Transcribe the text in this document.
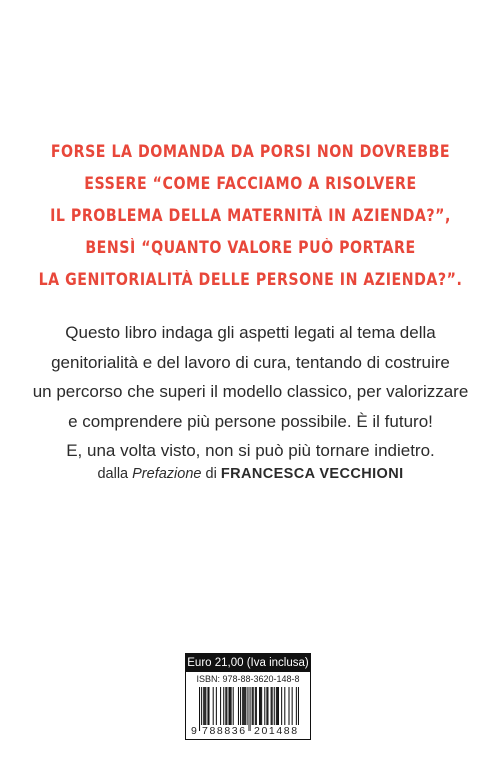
FORSE LA DOMANDA DA PORSI NON DOVREBBE
ESSERE “COME FACCIAMO A RISOLVERE
IL PROBLEMA DELLA MATERNITÀ IN AZIENDA?”,
BENSÌ “QUANTO VALORE PUÒ PORTARE
LA GENITORIALITÀ DELLE PERSONE IN AZIENDA?”.
Questo libro indaga gli aspetti legati al tema della
genitorialità e del lavoro di cura, tentando di costruire
un percorso che superi il modello classico, per valorizzare
e comprendere più persone possibile. È il futuro!
E, una volta visto, non si può più tornare indietro.
dalla Prefazione di FRANCESCA VECCHIONI
Euro 21,00 (Iva inclusa)
ISBN: 978-88-3620-148-8
9 788836 201488
